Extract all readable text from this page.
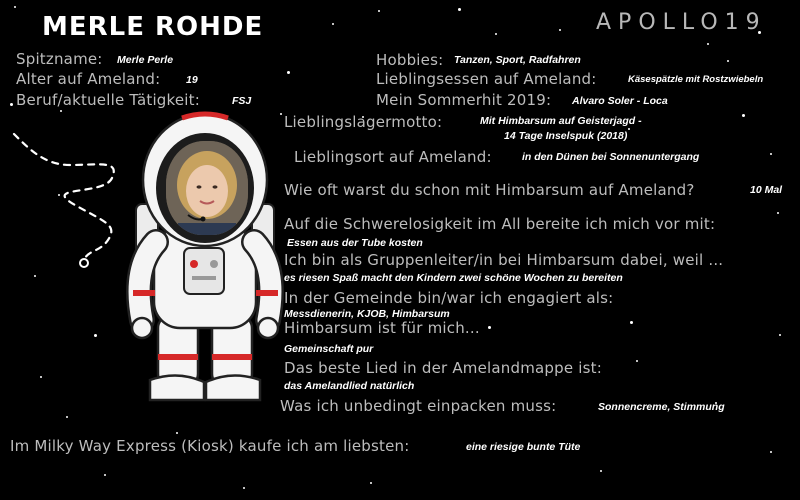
MERLE ROHDE	APOLLO19
Spitzname: Merle Perle
Alter auf Ameland: 19
Beruf/aktuelle Tätigkeit:	FSJ
Hobbies: Tanzen, Sport, Radfahren
Lieblingsessen auf Ameland:	Käsespätzle mit Rostzwiebeln
Mein Sommerhit 2019: Alvaro Soler - Loca
Lieblingslagermotto:	Mit Himbarsum auf Geisterjagd -
14 Tage Inselspuk (2018)
Lieblingsort auf Ameland:	in den Dünen bei Sonnenuntergang
Wie oft warst du schon mit Himbarsum auf Ameland?	10 Mal
Auf die Schwerelosigkeit im All bereite ich mich vor mit:
Essen aus der Tube kosten
Ich bin als Gruppenleiter/in bei Himbarsum dabei, weil ...
es riesen Spaß macht den Kindern zwei schöne Wochen zu bereiten
In der Gemeinde bin/war ich engagiert als:
Messdienerin, KJOB, Himbarsum
Himbarsum ist für mich...
Gemeinschaft pur
Das beste Lied in der Amelandmappe ist:
das Amelandlied natürlich
Was ich unbedingt einpacken muss:	Sonnencreme, Stimmung
Im Milky Way Express (Kiosk) kaufe ich am liebsten:	eine riesige bunte Tüte
